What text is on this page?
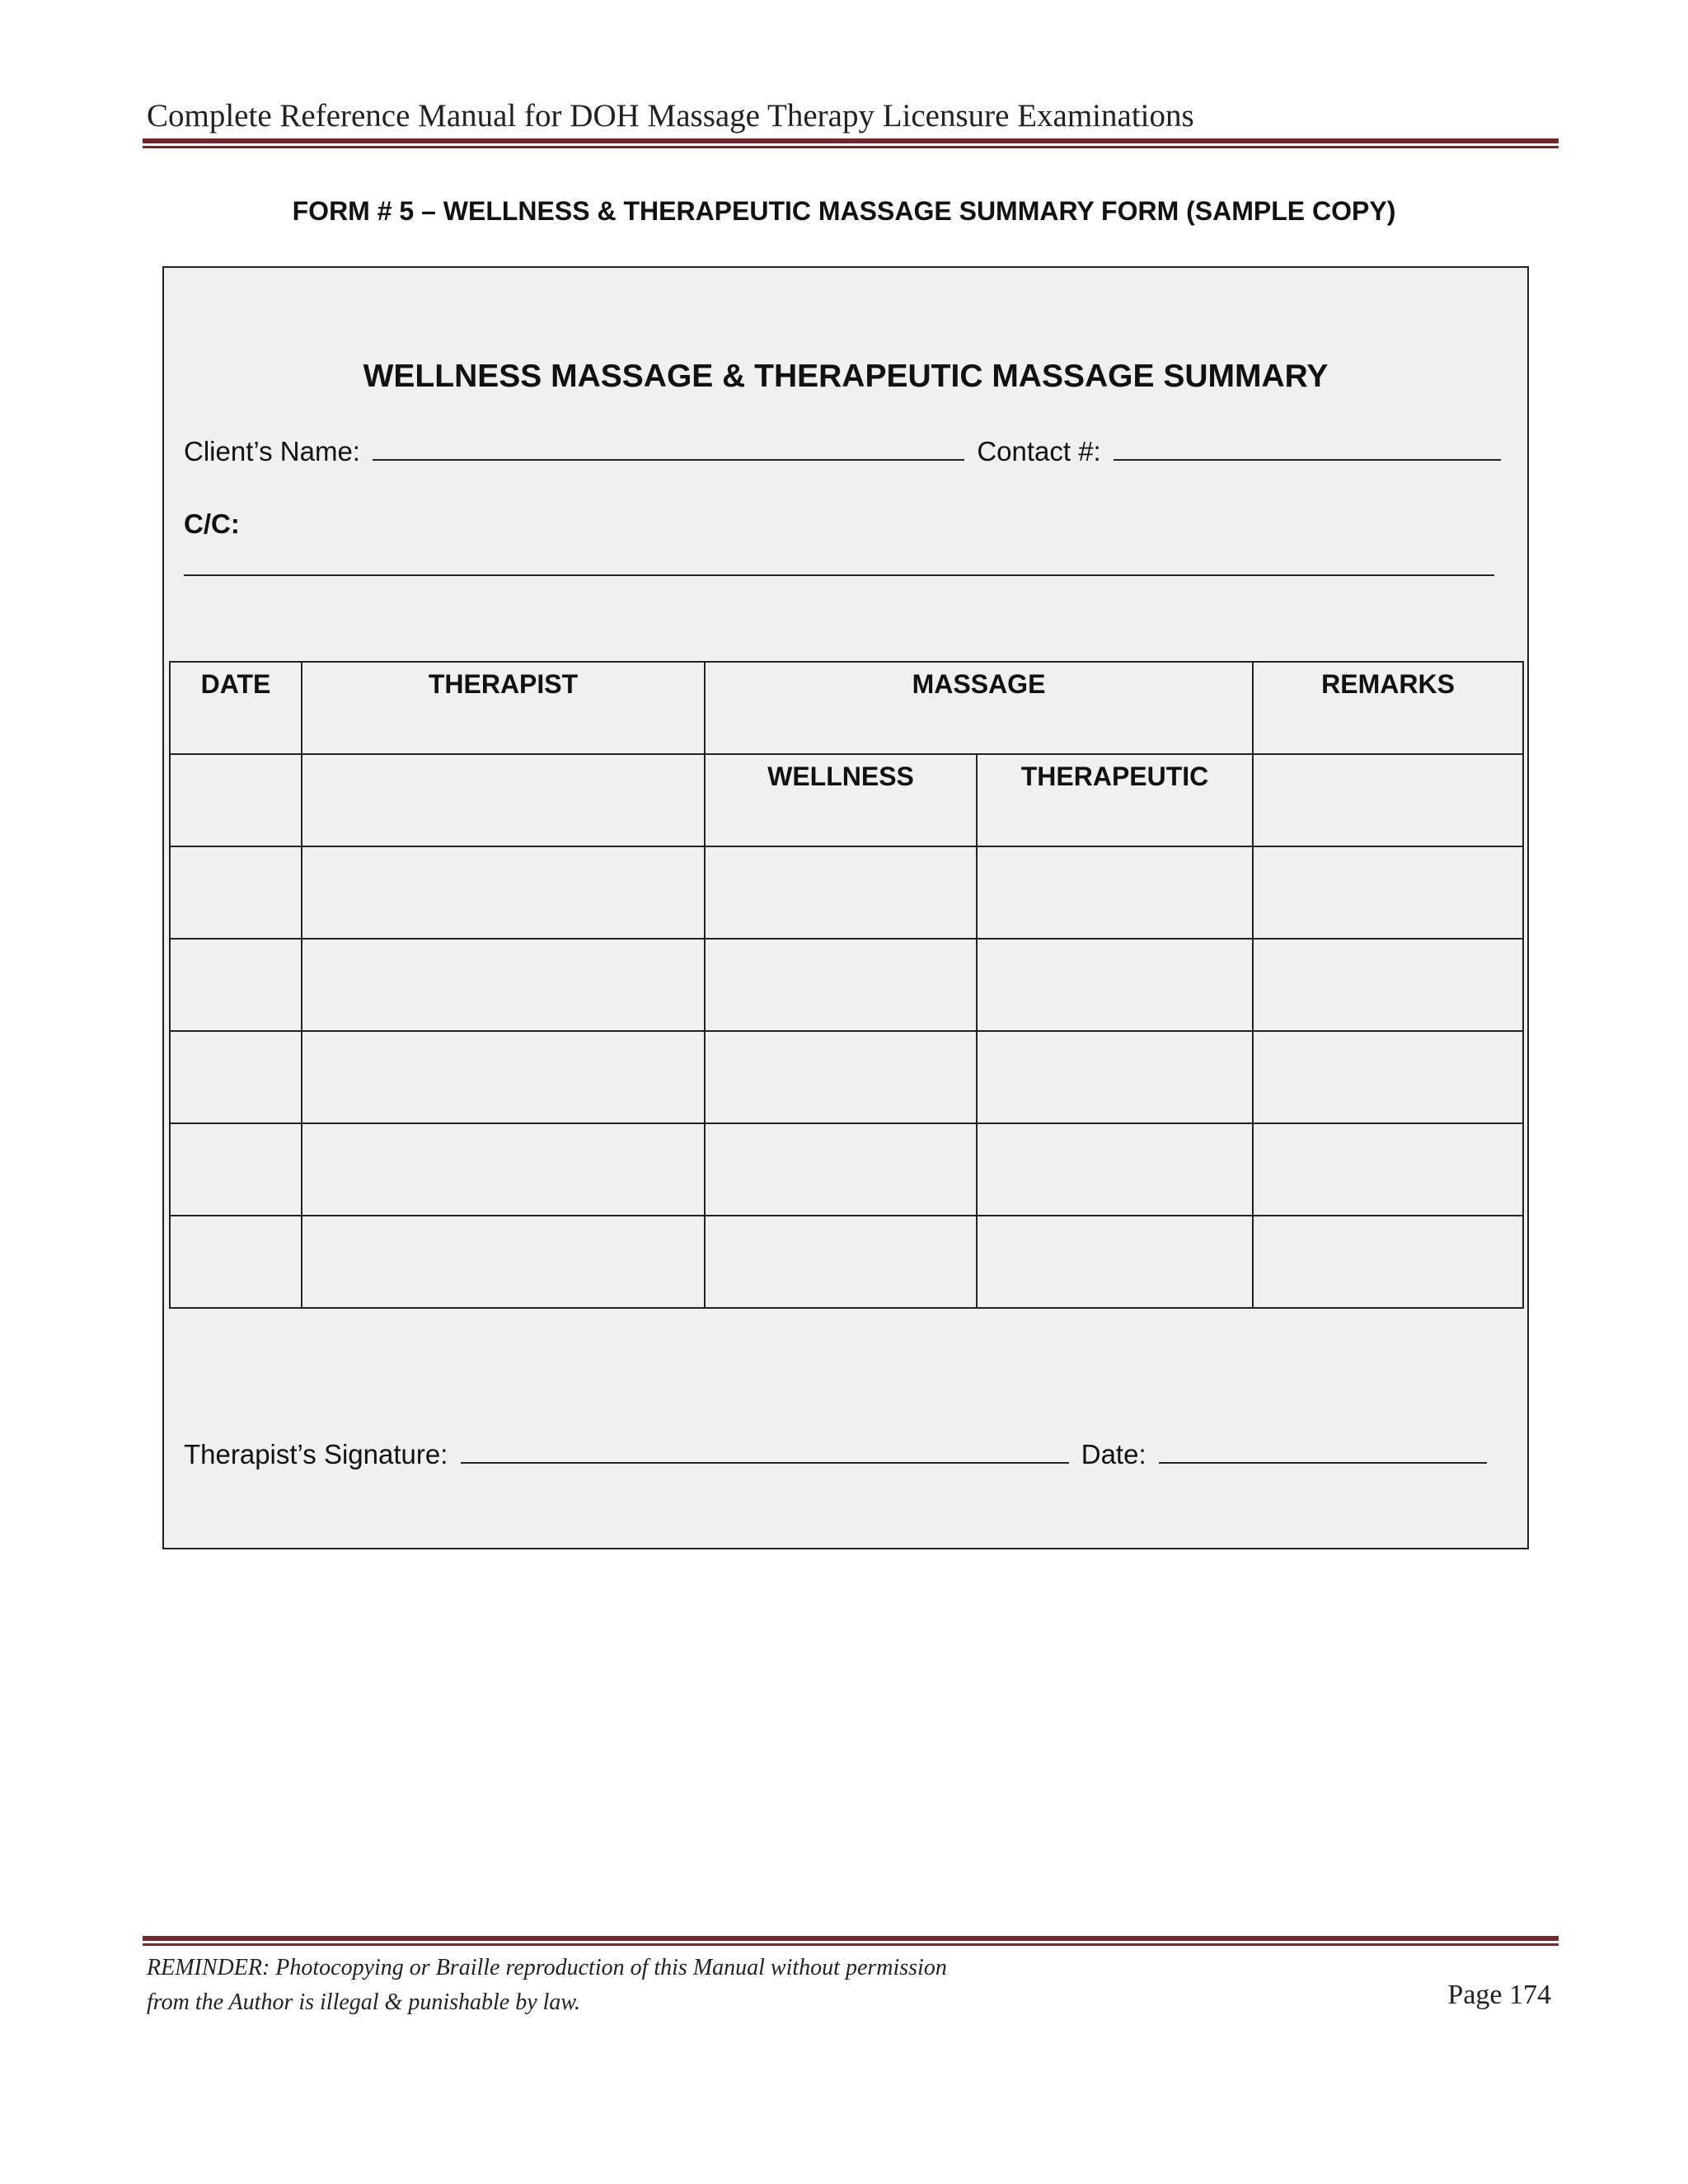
Complete Reference Manual for DOH Massage Therapy Licensure Examinations
FORM # 5 – WELLNESS & THERAPEUTIC MASSAGE SUMMARY FORM (SAMPLE COPY)
WELLNESS MASSAGE & THERAPEUTIC MASSAGE SUMMARY
Client’s Name:	Contact #:
C/C:
DATE	THERAPIST	MASSAGE		REMARKS
		WELLNESS	THERAPEUTIC	

Therapist’s Signature:	Date:
REMINDER: Photocopying or Braille reproduction of this Manual without permission
from the Author is illegal & punishable by law.	Page 174
